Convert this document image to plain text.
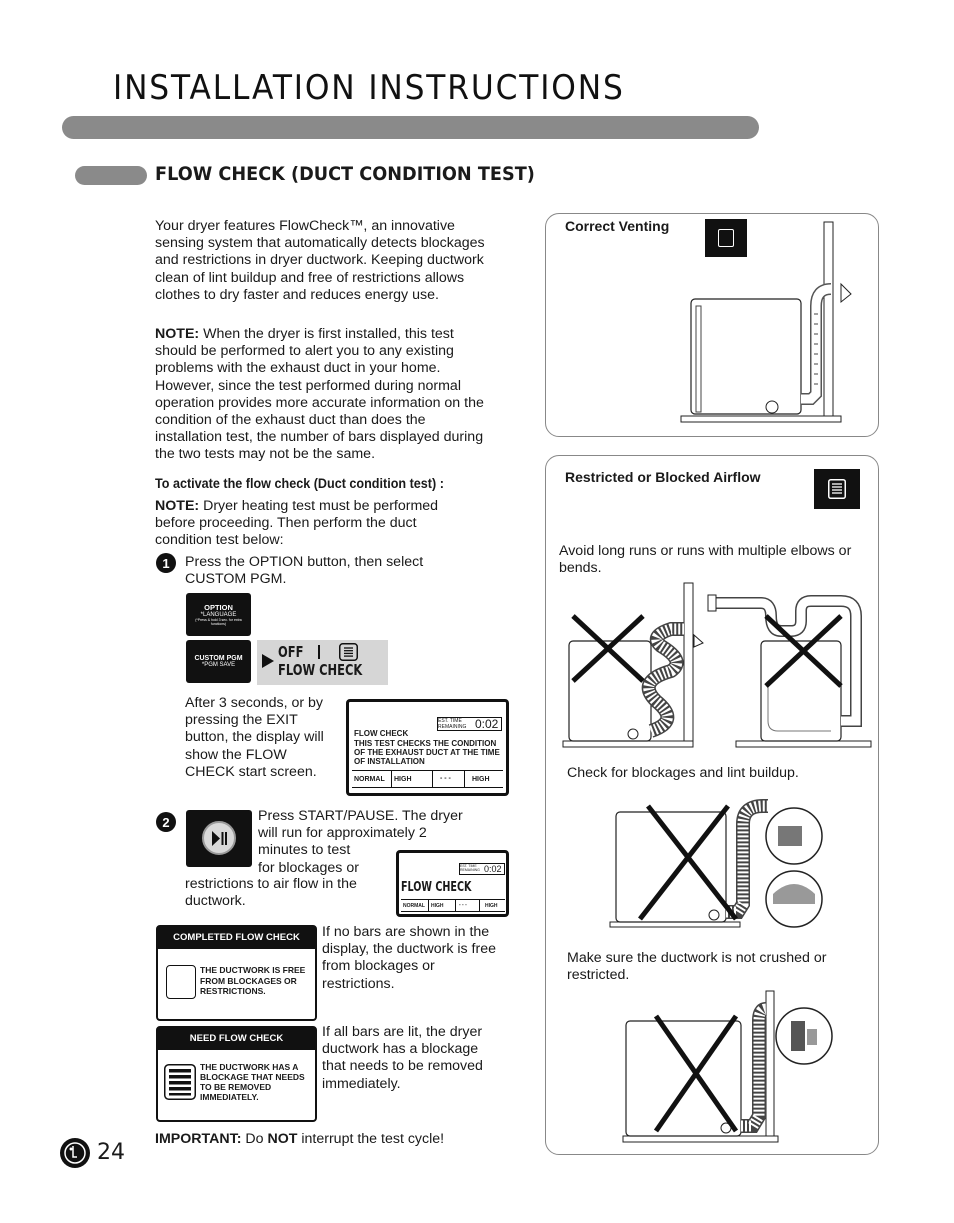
INSTALLATION INSTRUCTIONS
FLOW CHECK (DUCT CONDITION TEST)
Your dryer features FlowCheck™, an innovative sensing system that automatically detects blockages and restrictions in dryer ductwork. Keeping ductwork clean of lint buildup and free of restrictions allows clothes to dry faster and reduces energy use.
NOTE: When the dryer is first installed, this test should be performed to alert you to any existing problems with the exhaust duct in your home. However, since the test performed during normal operation provides more accurate information on the condition of the exhaust duct than does the installation test, the number of bars displayed during the two tests may not be the same.
To activate the flow check (Duct condition test) :
NOTE: Dryer heating test must be performed before proceeding. Then perform the duct condition test below:
1	Press the OPTION button, then select CUSTOM PGM.
OPTION
*LANGUAGE
(*Press & hold 3 sec. for extra functions)
CUSTOM PGM
*PGM SAVE
OFF
FLOW CHECK
After 3 seconds, or by pressing the EXIT button, the display will show the FLOW CHECK start screen.
EST. TIME REMAINING 0:02
FLOW CHECK
THIS TEST CHECKS THE CONDITION OF THE EXHAUST DUCT AT THE TIME OF INSTALLATION
NORMAL HIGH	- - -	HIGH
2	Press START/PAUSE. The dryer
will run for approximately 2
minutes to test
for blockages or
restrictions to air flow in the ductwork.
EST. TIME REMAINING 0:02
FLOW CHECK
NORMAL HIGH	- - -	HIGH
COMPLETED FLOW CHECK
THE DUCTWORK IS FREE FROM BLOCKAGES OR RESTRICTIONS.
If no bars are shown in the display, the ductwork is free from blockages or restrictions.
NEED FLOW CHECK
THE DUCTWORK HAS A BLOCKAGE THAT NEEDS TO BE REMOVED IMMEDIATELY.
If all bars are lit, the dryer ductwork has a blockage that needs to be removed immediately.
IMPORTANT: Do NOT interrupt the test cycle!
24
Correct Venting
Restricted or Blocked Airflow
Avoid long runs or runs with multiple elbows or bends.
Check for blockages and lint buildup.
Make sure the ductwork is not crushed or restricted.
